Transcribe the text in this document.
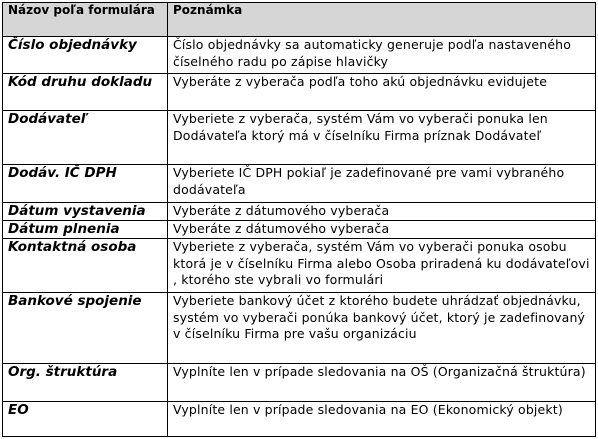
Názov poľa formulára	Poznámka
Číslo objednávky	Číslo objednávky sa automaticky generuje podľa nastaveného číselného radu po zápise hlavičky
Kód druhu dokladu	Vyberáte z vyberača podľa toho akú objednávku evidujete
Dodávateľ	Vyberiete z vyberača, systém Vám vo vyberači ponuka len Dodávateľa ktorý má v číselníku Firma príznak Dodávateľ
Dodáv. IČ DPH	Vyberiete IČ DPH pokiaľ je zadefinované pre vami vybraného dodávateľa
Dátum vystavenia	Vyberáte z dátumového vyberača
Dátum plnenia	Vyberáte z dátumového vyberača
Kontaktná osoba	Vyberiete z vyberača, systém Vám vo vyberači ponuka osobu ktorá je v číselníku Firma alebo Osoba priradená ku dodávateľovi , ktorého ste vybrali vo formulári
Bankové spojenie	Vyberiete bankový účet z ktorého budete uhrádzať objednávku, systém vo vyberači ponúka bankový účet, ktorý je zadefinovaný v číselníku Firma pre vašu organizáciu
Org. štruktúra	Vyplníte len v prípade sledovania na OŠ (Organizačná štruktúra)
EO	Vyplníte len v prípade sledovania na EO (Ekonomický objekt)
